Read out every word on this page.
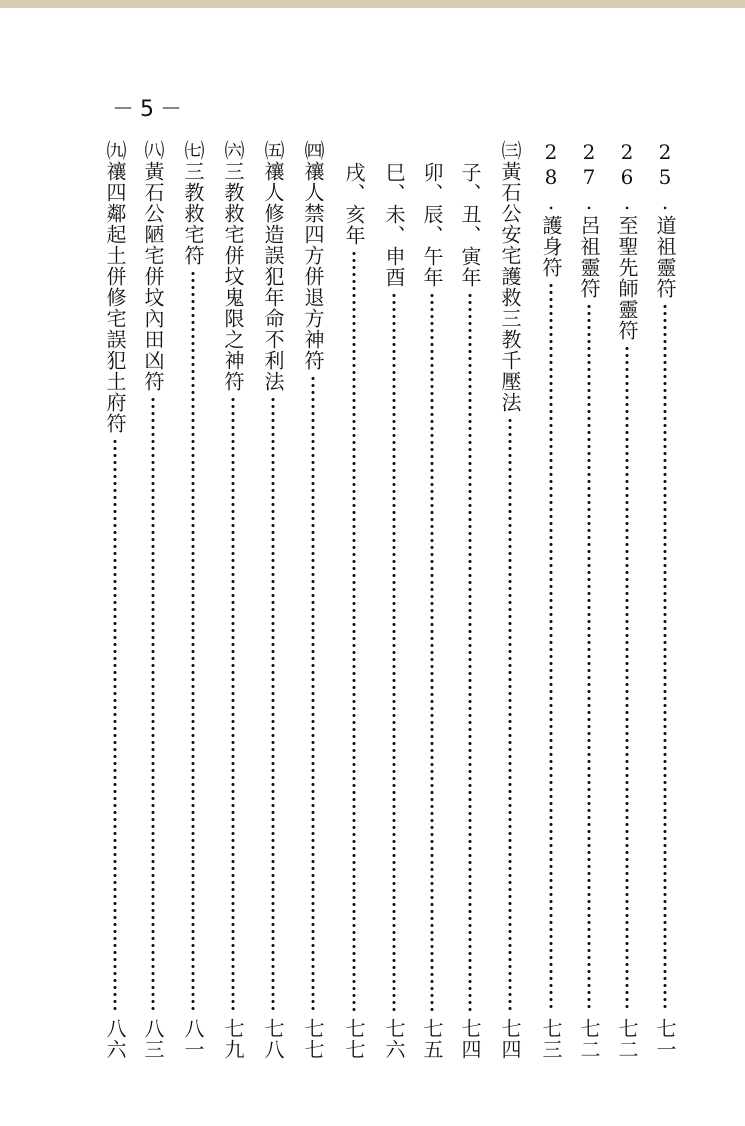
－5－
25.道祖靈符
七一
26.至聖先師靈符
七二
27.呂祖靈符
七二
28.護身符
七三
㈢黃石公安宅護救三教千壓法
七四
子、丑、寅年
七四
卯、辰、午年
七五
巳、未、申酉
七六
戌、亥年
七七
㈣禳人禁四方併退方神符
七七
㈤禳人修造誤犯年命不利法
七八
㈥三教救宅併坟鬼限之神符
七九
㈦三教救宅符
八一
㈧黃石公陋宅併坟內田凶符
八三
㈨禳四鄰起土併修宅誤犯土府符
八六
